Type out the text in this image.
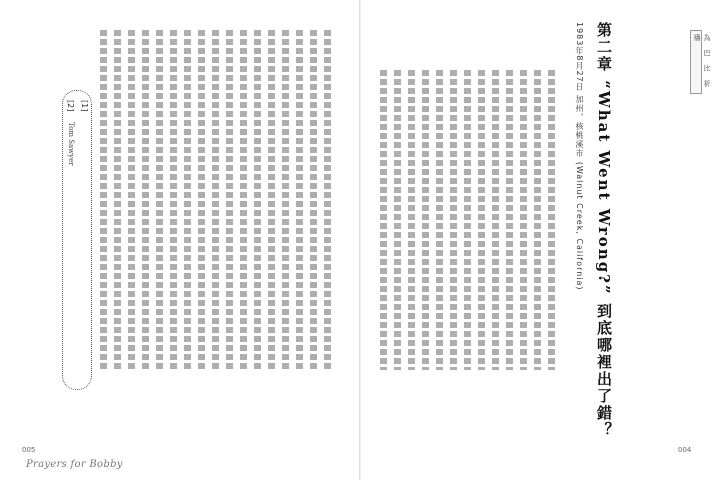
[1]
[2]
Tom Sawyer
005
Prayers for Bobby
004
第二章 “What Went Wrong?” 到底哪裡出了錯？
1983年8月27日 加州，核桃溪市 (Walnut Creek, California)	為 巴 比 祈 禱
